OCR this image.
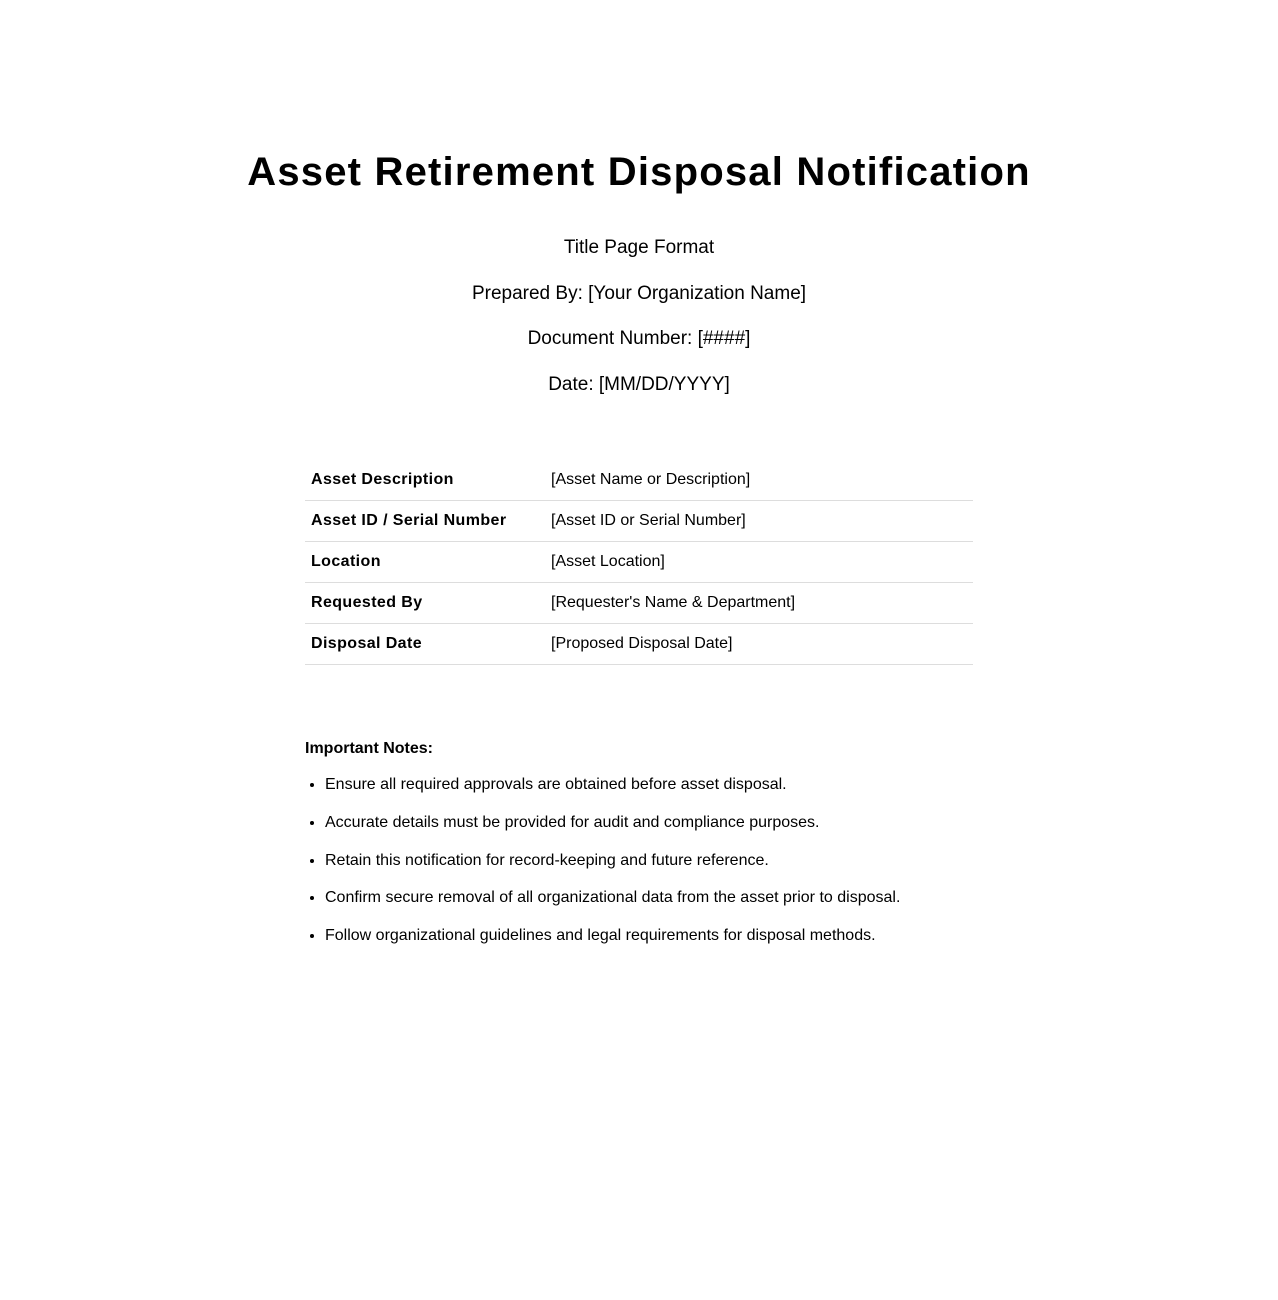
Asset Retirement Disposal Notification

Title Page Format

Prepared By: [Your Organization Name]

Document Number: [####]

Date: [MM/DD/YYYY]

Asset Description	[Asset Name or Description]
Asset ID / Serial Number	[Asset ID or Serial Number]
Location	[Asset Location]
Requested By	[Requester's Name & Department]
Disposal Date	[Proposed Disposal Date]

Important Notes:

• Ensure all required approvals are obtained before asset disposal.
• Accurate details must be provided for audit and compliance purposes.
• Retain this notification for record-keeping and future reference.
• Confirm secure removal of all organizational data from the asset prior to disposal.
• Follow organizational guidelines and legal requirements for disposal methods.
